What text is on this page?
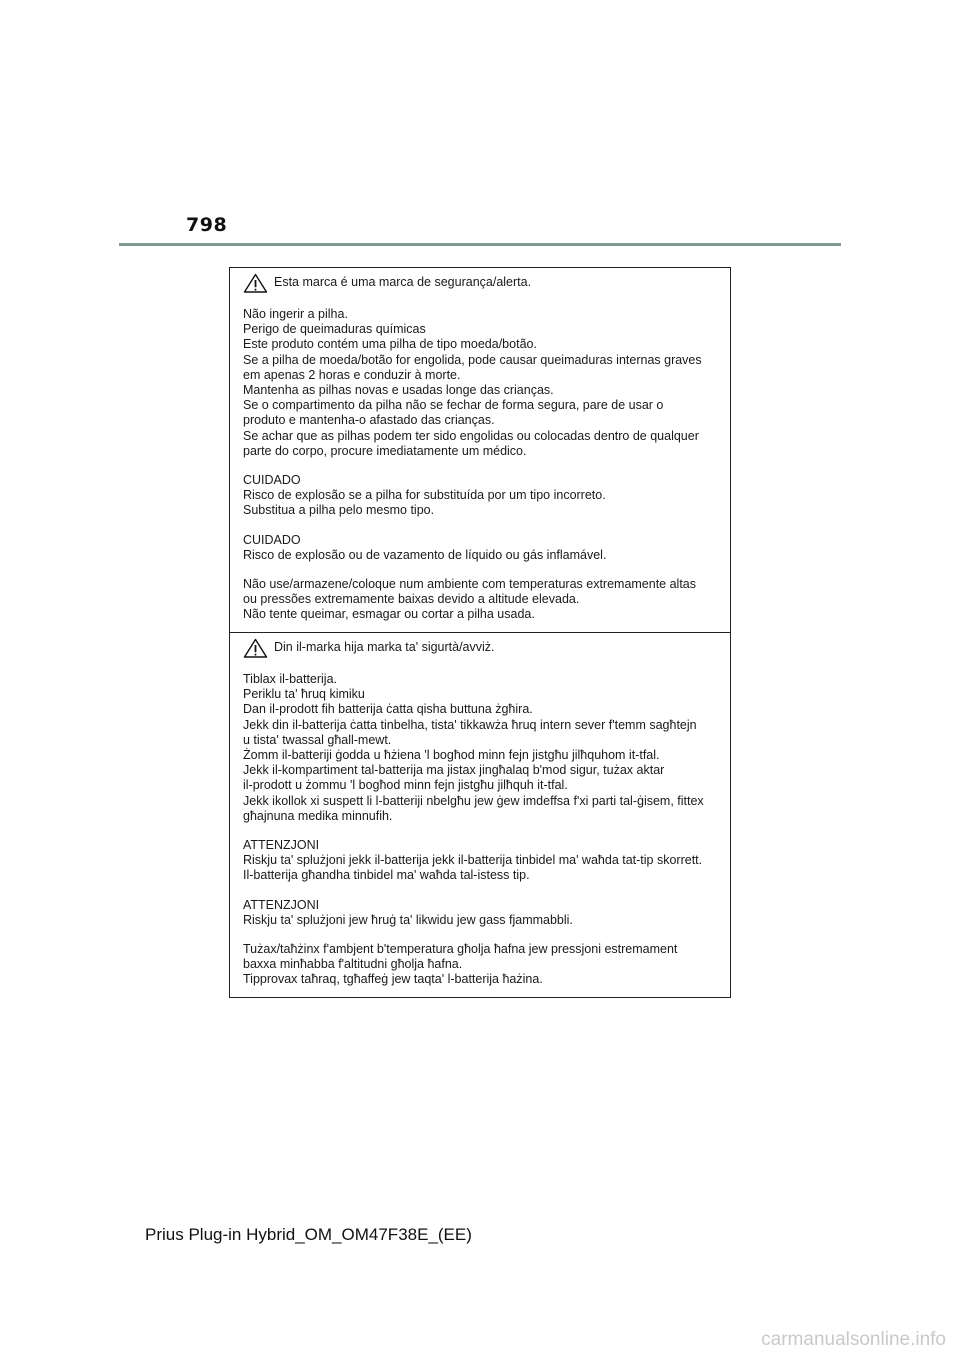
798
Esta marca é uma marca de segurança/alerta.
Não ingerir a pilha.
Perigo de queimaduras químicas
Este produto contém uma pilha de tipo moeda/botão.
Se a pilha de moeda/botão for engolida, pode causar queimaduras internas graves
em apenas 2 horas e conduzir à morte.
Mantenha as pilhas novas e usadas longe das crianças.
Se o compartimento da pilha não se fechar de forma segura, pare de usar o
produto e mantenha-o afastado das crianças.
Se achar que as pilhas podem ter sido engolidas ou colocadas dentro de qualquer
parte do corpo, procure imediatamente um médico.
CUIDADO
Risco de explosão se a pilha for substituída por um tipo incorreto.
Substitua a pilha pelo mesmo tipo.
CUIDADO
Risco de explosão ou de vazamento de líquido ou gás inflamável.
Não use/armazene/coloque num ambiente com temperaturas extremamente altas
ou pressões extremamente baixas devido a altitude elevada.
Não tente queimar, esmagar ou cortar a pilha usada.
Din il-marka hija marka ta' sigurtà/avviż.
Tiblax il-batterija.
Periklu ta' ħruq kimiku
Dan il-prodott fih batterija ċatta qisha buttuna żgħira.
Jekk din il-batterija ċatta tinbelha, tista' tikkawża ħruq intern sever f'temm sagħtejn
u tista' twassal għall-mewt.
Żomm il-batteriji ġodda u ħżiena 'l bogħod minn fejn jistgħu jilħquhom it-tfal.
Jekk il-kompartiment tal-batterija ma jistax jingħalaq b'mod sigur, tużax aktar
il-prodott u żommu 'l bogħod minn fejn jistgħu jilħquh it-tfal.
Jekk ikollok xi suspett li l-batteriji nbelgħu jew ġew imdeffsa f'xi parti tal-ġisem, fittex
għajnuna medika minnufih.
ATTENZJONI
Riskju ta' splużjoni jekk il-batterija jekk il-batterija tinbidel ma' waħda tat-tip skorrett.
Il-batterija għandha tinbidel ma' waħda tal-istess tip.
ATTENZJONI
Riskju ta' splużjoni jew ħruġ ta' likwidu jew gass fjammabbli.
Tużax/taħżinx f'ambjent b'temperatura għolja ħafna jew pressjoni estremament
baxxa minħabba f'altitudni għolja ħafna.
Tipprovax taħraq, tgħaffeġ jew taqta' l-batterija ħażina.
Prius Plug-in Hybrid_OM_OM47F38E_(EE)
carmanualsonline.info
